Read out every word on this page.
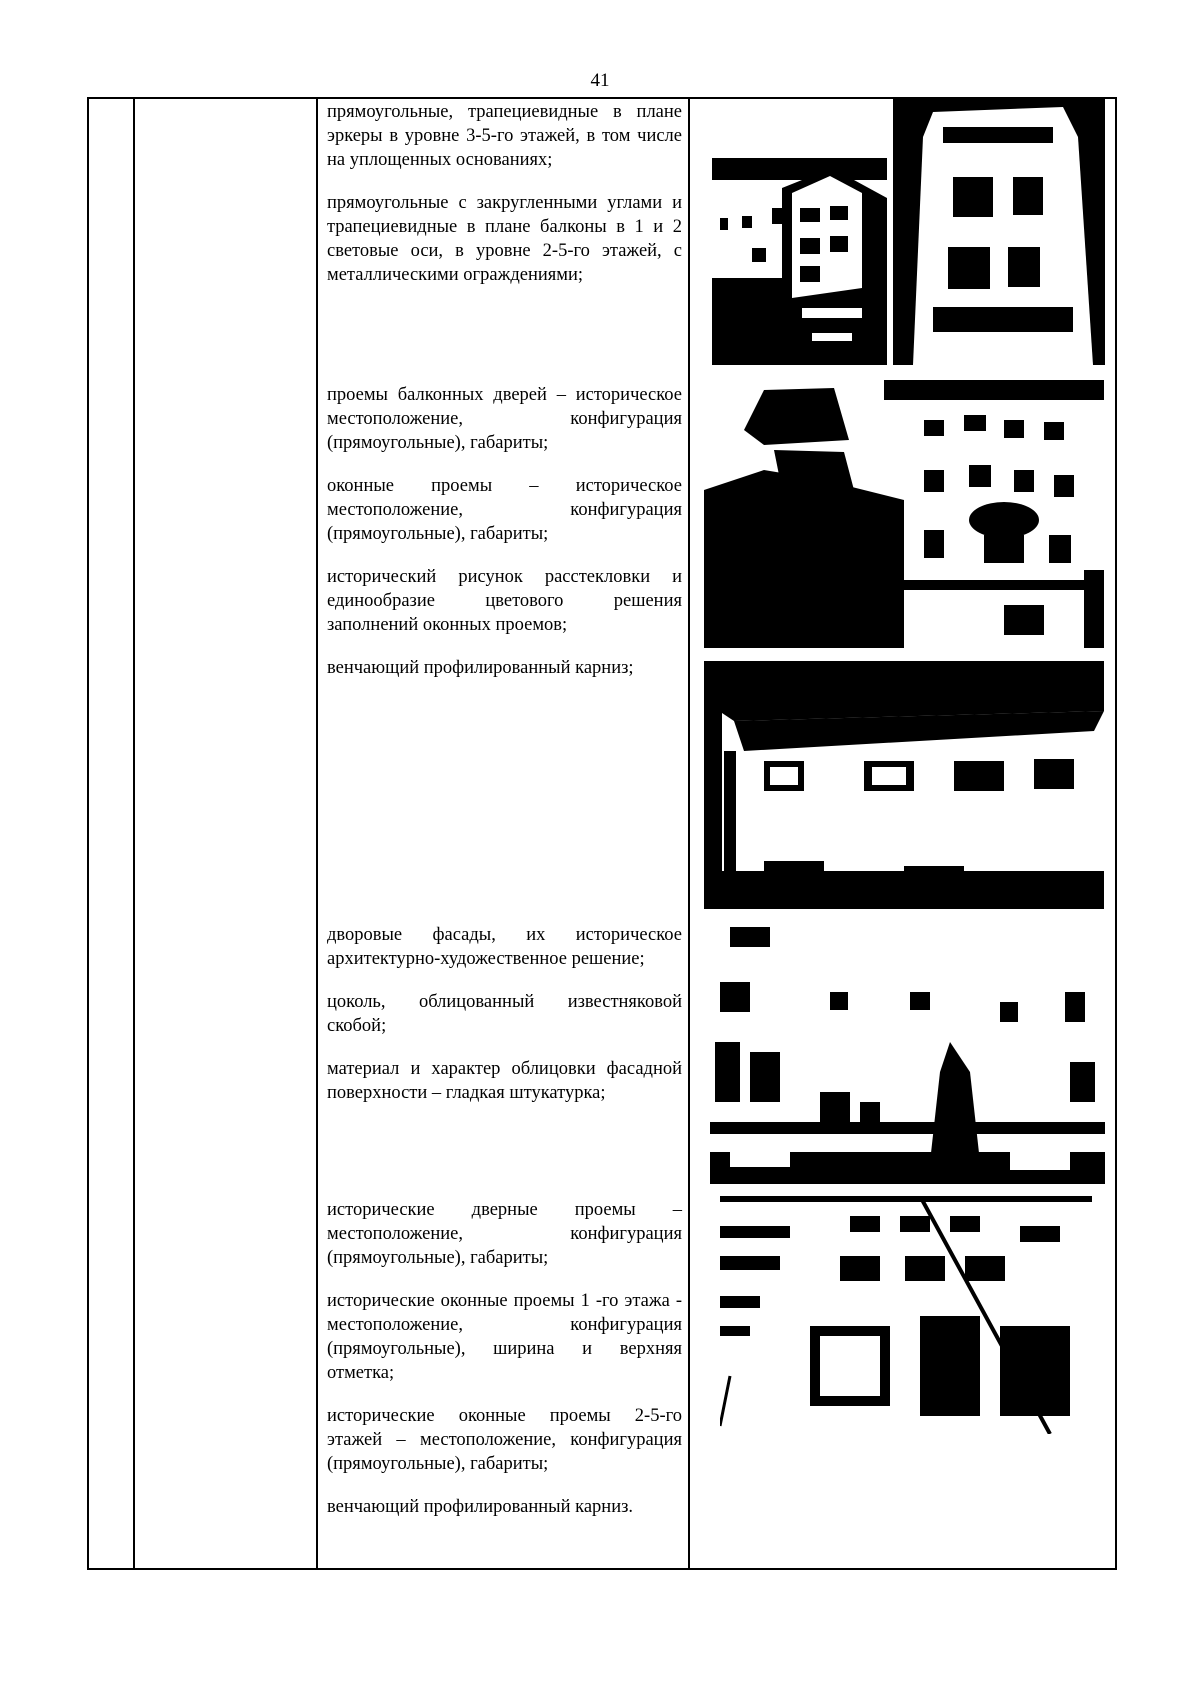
41

прямоугольные, трапециевидные в плане эркеры в уровне 3-5-го этажей, в том числе на уплощенных основаниях;

прямоугольные с закругленными углами и трапециевидные в плане балконы в 1 и 2 световые оси, в уровне 2-5-го этажей, с металлическими ограждениями;

проемы балконных дверей – историческое местоположение, конфигурация (прямоугольные), габариты;

оконные проемы – историческое местоположение, конфигурация (прямоугольные), габариты;

исторический рисунок расстекловки и единообразие цветового решения заполнений оконных проемов;

венчающий профилированный карниз;

дворовые фасады, их историческое архитектурно-художественное решение;

цоколь, облицованный известняковой скобой;

материал и характер облицовки фасадной поверхности – гладкая штукатурка;

исторические дверные проемы – местоположение, конфигурация (прямоугольные), габариты;

исторические оконные проемы 1 -го этажа - местоположение, конфигурация (прямоугольные), ширина и верхняя отметка;

исторические оконные проемы 2-5-го этажей – местоположение, конфигурация (прямоугольные), габариты;

венчающий профилированный карниз.
